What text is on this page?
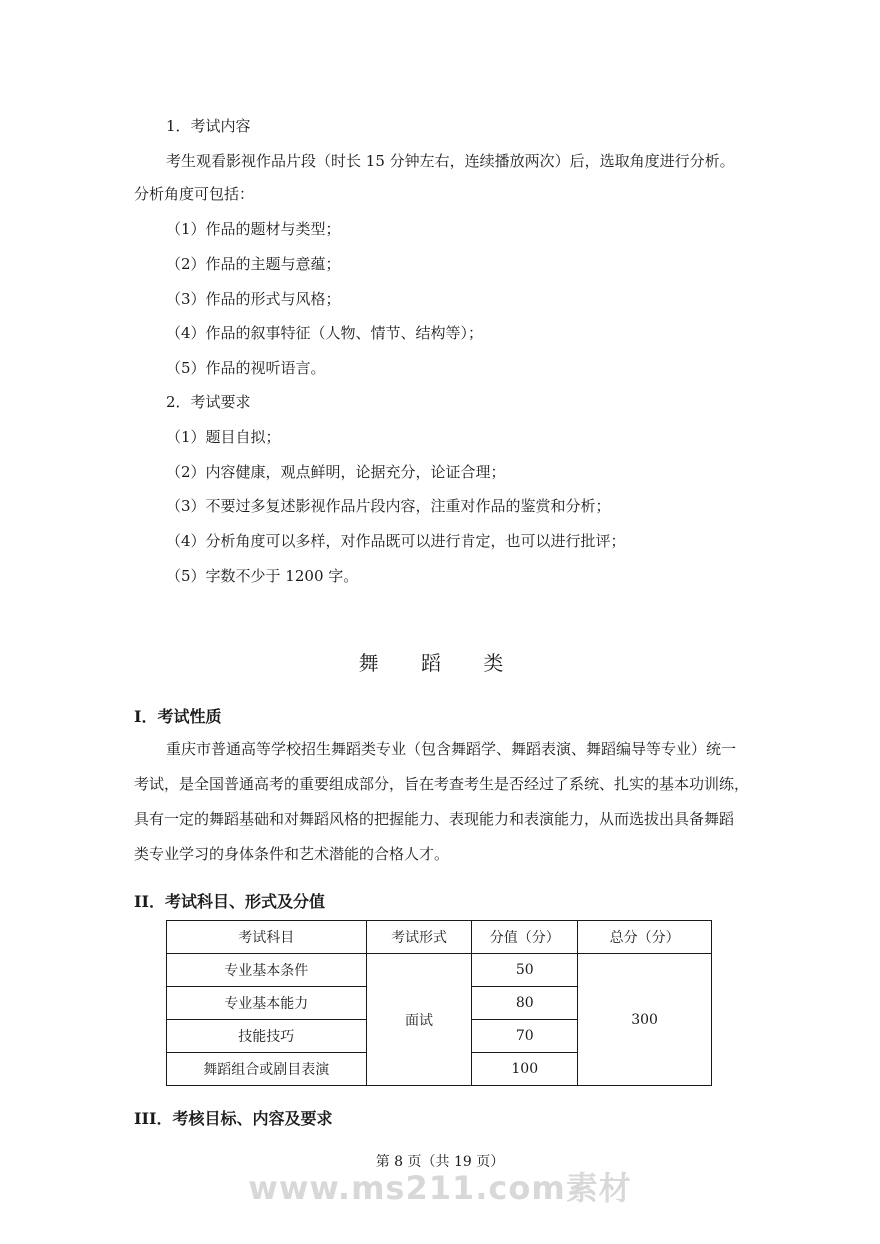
1．考试内容
考生观看影视作品片段（时长 15 分钟左右，连续播放两次）后，选取角度进行分析。
分析角度可包括：
（1）作品的题材与类型；
（2）作品的主题与意蕴；
（3）作品的形式与风格；
（4）作品的叙事特征（人物、情节、结构等）；
（5）作品的视听语言。
2．考试要求
（1）题目自拟；
（2）内容健康，观点鲜明，论据充分，论证合理；
（3）不要过多复述影视作品片段内容，注重对作品的鉴赏和分析；
（4）分析角度可以多样，对作品既可以进行肯定，也可以进行批评；
（5）字数不少于 1200 字。
舞 蹈 类
I．考试性质
重庆市普通高等学校招生舞蹈类专业（包含舞蹈学、舞蹈表演、舞蹈编导等专业）统一
考试，是全国普通高考的重要组成部分，旨在考查考生是否经过了系统、扎实的基本功训练，
具有一定的舞蹈基础和对舞蹈风格的把握能力、表现能力和表演能力，从而选拔出具备舞蹈
类专业学习的身体条件和艺术潜能的合格人才。
II．考试科目、形式及分值
考试科目	考试形式	分值（分）	总分（分）
专业基本条件	面试	50	300
专业基本能力		80	
技能技巧		70	
舞蹈组合或剧目表演		100	
III．考核目标、内容及要求
第 8 页（共 19 页）
www.ms211.com素材
